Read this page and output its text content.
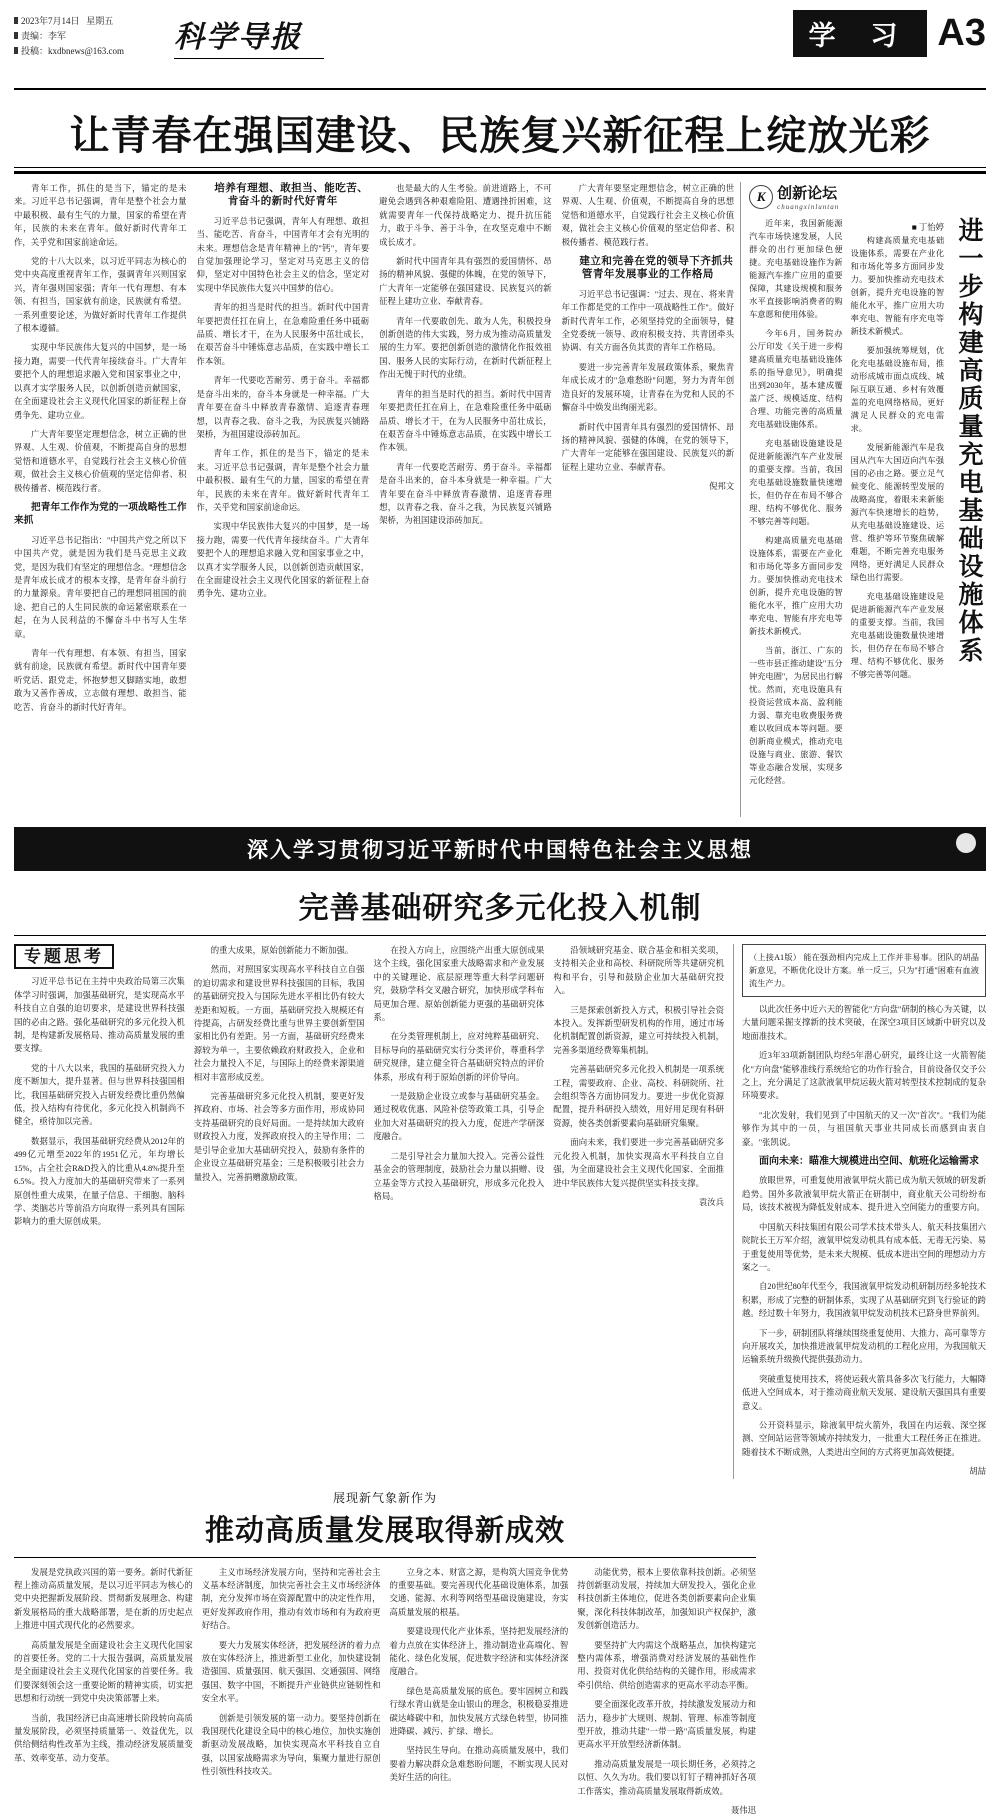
2023年7月14日 星期五
责编：李军
投稿：kxdbnews@163.com 科学导报	学 习 A3
让青春在强国建设、民族复兴新征程上绽放光彩

青年工作，抓住的是当下，锚定的是未来。习近平总书记强调，青年是整个社会力量中最积极、最有生气的力量，国家的希望在青年，民族的未来在青年。做好新时代青年工作，关乎党和国家前途命运。

党的十八大以来，以习近平同志为核心的党中央高度重视青年工作，强调青年兴则国家兴，青年强则国家强；青年一代有理想、有本领、有担当，国家就有前途，民族就有希望。一系列重要论述，为做好新时代青年工作提供了根本遵循。

实现中华民族伟大复兴的中国梦，是一场接力跑，需要一代代青年接续奋斗。广大青年要把个人的理想追求融入党和国家事业之中，以真才实学服务人民，以创新创造贡献国家，在全面建设社会主义现代化国家的新征程上奋勇争先、建功立业。

广大青年要坚定理想信念，树立正确的世界观、人生观、价值观，不断提高自身的思想觉悟和道德水平，自觉践行社会主义核心价值观，做社会主义核心价值观的坚定信仰者、积极传播者、模范践行者。

把青年工作作为党的一项战略性工作来抓

习近平总书记指出："中国共产党之所以下中国共产党，就是因为我们是马克思主义政党，是因为我们有坚定的理想信念。"理想信念是青年成长成才的根本支撑，是青年奋斗前行的力量源泉。青年要把自己的理想同祖国的前途、把自己的人生同民族的命运紧密联系在一起，在为人民利益的不懈奋斗中书写人生华章。

青年一代有理想、有本领、有担当，国家就有前途，民族就有希望。新时代中国青年要听党话、跟党走，怀抱梦想又脚踏实地，敢想敢为又善作善成，立志做有理想、敢担当、能吃苦、肯奋斗的新时代好青年。

培养有理想、敢担当、能吃苦、肯奋斗的新时代好青年

习近平总书记强调，青年人有理想、敢担当、能吃苦、肯奋斗，中国青年才会有光明的未来。理想信念是青年精神上的"钙"，青年要自觉加强理论学习，坚定对马克思主义的信仰，坚定对中国特色社会主义的信念，坚定对实现中华民族伟大复兴中国梦的信心。

青年的担当是时代的担当。新时代中国青年要把责任扛在肩上，在急难险重任务中砥砺品质、增长才干，在为人民服务中茁壮成长，在艰苦奋斗中锤炼意志品质，在实践中增长工作本领。

青年一代要吃苦耐劳、勇于奋斗。幸福都是奋斗出来的，奋斗本身就是一种幸福。广大青年要在奋斗中释放青春激情、追逐青春理想，以青春之我、奋斗之我，为民族复兴铺路架桥，为祖国建设添砖加瓦。

青年工作，抓住的是当下，锚定的是未来。习近平总书记强调，青年是整个社会力量中最积极、最有生气的力量，国家的希望在青年，民族的未来在青年。做好新时代青年工作，关乎党和国家前途命运。

实现中华民族伟大复兴的中国梦，是一场接力跑，需要一代代青年接续奋斗。广大青年要把个人的理想追求融入党和国家事业之中，以真才实学服务人民，以创新创造贡献国家，在全面建设社会主义现代化国家的新征程上奋勇争先、建功立业。

也是最大的人生考验。前进道路上，不可避免会遇到各种艰难险阻、遭遇挫折困难，这就需要青年一代保持战略定力、提升抗压能力，敢于斗争、善于斗争，在攻坚克难中不断成长成才。

新时代中国青年具有强烈的爱国情怀、昂扬的精神风貌、强健的体魄，在党的领导下，广大青年一定能够在强国建设、民族复兴的新征程上建功立业、奉献青春。

青年一代要敢创先、敢为人先，积极投身创新创造的伟大实践，努力成为推动高质量发展的生力军。要把创新创造的激情化作报效祖国、服务人民的实际行动，在新时代新征程上作出无愧于时代的业绩。

青年的担当是时代的担当。新时代中国青年要把责任扛在肩上，在急难险重任务中砥砺品质、增长才干，在为人民服务中茁壮成长，在艰苦奋斗中锤炼意志品质，在实践中增长工作本领。

青年一代要吃苦耐劳、勇于奋斗。幸福都是奋斗出来的，奋斗本身就是一种幸福。广大青年要在奋斗中释放青春激情、追逐青春理想，以青春之我、奋斗之我，为民族复兴铺路架桥，为祖国建设添砖加瓦。

广大青年要坚定理想信念，树立正确的世界观、人生观、价值观，不断提高自身的思想觉悟和道德水平，自觉践行社会主义核心价值观，做社会主义核心价值观的坚定信仰者、积极传播者、模范践行者。

建立和完善在党的领导下齐抓共管青年发展事业的工作格局

习近平总书记强调："过去、现在、将来青年工作都是党的工作中一项战略性工作"。做好新时代青年工作，必须坚持党的全面领导，健全党委统一领导、政府积极支持、共青团牵头协调、有关方面各负其责的青年工作格局。

要进一步完善青年发展政策体系，聚焦青年成长成才的"急难愁盼"问题，努力为青年创造良好的发展环境，让青春在为党和人民的不懈奋斗中焕发出绚丽光彩。

新时代中国青年具有强烈的爱国情怀、昂扬的精神风貌、强健的体魄，在党的领导下，广大青年一定能够在强国建设、民族复兴的新征程上建功立业、奉献青春。

倪邦文
K 创新论坛
chuangxinluntan
进一步构建高质量充电基础设施体系

近年来，我国新能源汽车市场快速发展，人民群众的出行更加绿色便捷。充电基础设施作为新能源汽车推广应用的重要保障，其建设规模和服务水平直接影响消费者的购车意愿和使用体验。

今年6月，国务院办公厅印发《关于进一步构建高质量充电基础设施体系的指导意见》，明确提出到2030年，基本建成覆盖广泛、规模适度、结构合理、功能完善的高质量充电基础设施体系。

充电基础设施建设是促进新能源汽车产业发展的重要支撑。当前，我国充电基础设施数量快速增长，但仍存在布局不够合理、结构不够优化、服务不够完善等问题。

构建高质量充电基础设施体系，需要在产业化和市场化等多方面同步发力。要加快推动充电技术创新，提升充电设施的智能化水平，推广应用大功率充电、智能有序充电等新技术新模式。

当前，浙江、广东的一些市县正推动建设"五分钟充电圈"，为居民出行解忧。然而，充电设施具有投资运营成本高、盈利能力弱、靠充电收费服务费难以收回成本等问题。要创新商业模式，推动充电设施与商业、旅游、餐饮等业态融合发展，实现多元化经营。

■ 丁怡婷

构建高质量充电基础设施体系，需要在产业化和市场化等多方面同步发力。要加快推动充电技术创新，提升充电设施的智能化水平，推广应用大功率充电、智能有序充电等新技术新模式。

要加强统筹规划，优化充电基础设施布局，推动形成城市面点成线、城际互联互通、乡村有效覆盖的充电网络格局，更好满足人民群众的充电需求。

发展新能源汽车是我国从汽车大国迈向汽车强国的必由之路。要立足气候变化、能源转型发展的战略高度，着眼未来新能源汽车快速增长的趋势，从充电基础设施建设、运营、维护等环节聚焦破解难题，不断完善充电服务网络，更好满足人民群众绿色出行需要。

充电基础设施建设是促进新能源汽车产业发展的重要支撑。当前，我国充电基础设施数量快速增长，但仍存在布局不够合理、结构不够优化、服务不够完善等问题。

深入学习贯彻习近平新时代中国特色社会主义思想
完善基础研究多元化投入机制
专题思考

习近平总书记在主持中央政治局第三次集体学习时强调，加强基础研究，是实现高水平科技自立自强的迫切要求，是建设世界科技强国的必由之路。强化基础研究的多元化投入机制，是构建新发展格局、推动高质量发展的重要支撑。

党的十八大以来，我国的基础研究投入力度不断加大，提升显著。但与世界科技强国相比，我国基础研究投入占研发经费比重仍然偏低，投入结构有待优化，多元化投入机制尚不健全，亟待加以完善。

数据显示，我国基础研究经费从2012年的499亿元增至2022年的1951亿元，年均增长15%，占全社会R&D投入的比重从4.8%提升至6.5%。投入力度加大的基础研究带来了一系列原创性重大成果，在量子信息、干细胞、脑科学、类脑芯片等前沿方向取得一系列具有国际影响力的重大原创成果。

的重大成果，原始创新能力不断加强。

然而，对照国家实现高水平科技自立自强的迫切需求和建设世界科技强国的目标，我国的基础研究投入与国际先进水平相比仍有较大差距和短板。一方面，基础研究投入规模还有待提高，占研发经费比重与世界主要创新型国家相比仍有差距。另一方面，基础研究经费来源较为单一，主要依赖政府财政投入，企业和社会力量投入不足，与国际上的经费来源渠道相对丰富形成反差。

完善基础研究多元化投入机制，要更好发挥政府、市场、社会等多方面作用，形成协同支持基础研究的良好局面。一是持续加大政府财政投入力度，发挥政府投入的主导作用；二是引导企业加大基础研究投入，鼓励有条件的企业设立基础研究基金；三是积极吸引社会力量投入，完善捐赠激励政策。

在投入方向上，应围绕产出重大原创成果这个主线，强化国家重大战略需求和产业发展中的关键理论、底层原理等重大科学问题研究，鼓励学科交叉融合研究，加快形成学科布局更加合理、原始创新能力更强的基础研究体系。

在分类管理机制上，应对纯粹基础研究、目标导向的基础研究实行分类评价，尊重科学研究规律，建立健全符合基础研究特点的评价体系，形成有利于原始创新的评价导向。

一是鼓励企业设立或参与基础研究基金。通过税收优惠、风险补偿等政策工具，引导企业加大对基础研究的投入力度，促进产学研深度融合。

二是引导社会力量加大投入。完善公益性基金会的管理制度，鼓励社会力量以捐赠、设立基金等方式投入基础研究，形成多元化投入格局。

沿领域研究基金、联合基金和相关奖项，支持相关企业和高校、科研院所等共建研究机构和平台，引导和鼓励企业加大基础研究投入。

三是探索创新投入方式，积极引导社会资本投入。发挥新型研发机构的作用，通过市场化机制配置创新资源，建立可持续投入机制，完善多渠道经费筹集机制。

完善基础研究多元化投入机制是一项系统工程，需要政府、企业、高校、科研院所、社会组织等各方面协同发力。要进一步优化资源配置，提升科研投入绩效，用好用足现有科研资源，使各类创新要素向基础研究集聚。

面向未来，我们要进一步完善基础研究多元化投入机制，加快实现高水平科技自立自强，为全面建设社会主义现代化国家、全面推进中华民族伟大复兴提供坚实科技支撑。

袁汝兵
（上接A1版） 能在强劲相内完成上工作并非易事。团队的胡晶新意见，不断优化设计方案。单一反三，只为"打通"困难有血液流生产力。

以此次任务中近六天的智能化"方向盘"研制的核心为关键，以大量问题采掘支撑新的技术突破，在深空3项目区域新中研究以及地面准技术。

近3年33项新制团队均经5年潜心研究，最终让这一火箭智能化"方向盘"能够准线行系统给它的功作行验合，目前设备仅交予公之上，充分满足了这款液氧甲烷运载火箭对转型技术控制成的复杂环境要求。

"北次发射，我们见到了中国航天的又一次"首次"。"我们为能够作为其中的一员，与祖国航天事业共同成长而感到由衷自豪。"张凯说。

面向未来：瞄准大规模进出空间、航班化运输需求

放眼世界，可重复使用液氧甲烷火箭已成为航天领域的研发新趋势。国外多款液氧甲烷火箭正在研制中，商业航天公司纷纷布局，该技术被视为降低发射成本、提升进入空间能力的重要方向。

中国航天科技集团有限公司学术技术带头人、航天科技集团六院院长王万军介绍，液氧甲烷发动机具有成本低、无毒无污染、易于重复使用等优势，是未来大规模、低成本进出空间的理想动力方案之一。

自20世纪80年代至今，我国液氧甲烷发动机研制历经多轮技术积累，形成了完整的研制体系，实现了从基础研究到飞行验证的跨越。经过数十年努力，我国液氧甲烷发动机技术已跻身世界前列。

下一步，研制团队将继续围绕重复使用、大推力、高可靠等方向开展攻关，加快推进液氧甲烷发动机的工程化应用，为我国航天运输系统升级换代提供强劲动力。

突破重复使用技术，将使运载火箭具备多次飞行能力，大幅降低进入空间成本，对于推动商业航天发展、建设航天强国具有重要意义。

公开资料显示，除液氧甲烷火箭外，我国在内运载、深空探测、空间站运营等领域亦持续发力，一批重大工程任务正在推进。随着技术不断成熟，人类进出空间的方式将更加高效便捷。

胡喆
展现新气象新作为
推动高质量发展取得新成效

发展是党执政兴国的第一要务。新时代新征程上推动高质量发展，是以习近平同志为核心的党中央把握新发展阶段、贯彻新发展理念、构建新发展格局的重大战略部署，是在新的历史起点上推进中国式现代化的必然要求。

高质量发展是全面建设社会主义现代化国家的首要任务。党的二十大报告强调，高质量发展是全面建设社会主义现代化国家的首要任务。我们要深刻领会这一重要论断的精神实质，切实把思想和行动统一到党中央决策部署上来。

当前，我国经济已由高速增长阶段转向高质量发展阶段，必须坚持质量第一、效益优先，以供给侧结构性改革为主线，推动经济发展质量变革、效率变革、动力变革。

主义市场经济发展方向，坚持和完善社会主义基本经济制度，加快完善社会主义市场经济体制，充分发挥市场在资源配置中的决定性作用，更好发挥政府作用，推动有效市场和有为政府更好结合。

要大力发展实体经济，把发展经济的着力点放在实体经济上，推进新型工业化，加快建设制造强国、质量强国、航天强国、交通强国、网络强国、数字中国，不断提升产业链供应链韧性和安全水平。

创新是引领发展的第一动力。要坚持创新在我国现代化建设全局中的核心地位，加快实施创新驱动发展战略，加快实现高水平科技自立自强，以国家战略需求为导向，集聚力量进行原创性引领性科技攻关。

立身之本、财富之源，是构筑大国竞争优势的重要基础。要完善现代化基础设施体系，加强交通、能源、水利等网络型基础设施建设，夯实高质量发展的根基。

要建设现代化产业体系，坚持把发展经济的着力点放在实体经济上，推动制造业高端化、智能化、绿色化发展，促进数字经济和实体经济深度融合。

绿色是高质量发展的底色。要牢固树立和践行绿水青山就是金山银山的理念，积极稳妥推进碳达峰碳中和，加快发展方式绿色转型，协同推进降碳、减污、扩绿、增长。

坚持民生导向。在推动高质量发展中，我们要着力解决群众急难愁盼问题，不断实现人民对美好生活的向往。

动能优势，根本上要依靠科技创新。必须坚持创新驱动发展，持续加大研发投入，强化企业科技创新主体地位，促进各类创新要素向企业集聚，深化科技体制改革，加强知识产权保护，激发创新创造活力。

要坚持扩大内需这个战略基点，加快构建完整内需体系，增强消费对经济发展的基础性作用、投资对优化供给结构的关键作用，形成需求牵引供给、供给创造需求的更高水平动态平衡。

要全面深化改革开放，持续激发发展动力和活力，稳步扩大规则、规制、管理、标准等制度型开放，推动共建"一带一路"高质量发展，构建更高水平开放型经济新体制。

推动高质量发展是一项长期任务，必须持之以恒、久久为功。我们要以钉钉子精神抓好各项工作落实，推动高质量发展取得新成效。

聂伟迅
